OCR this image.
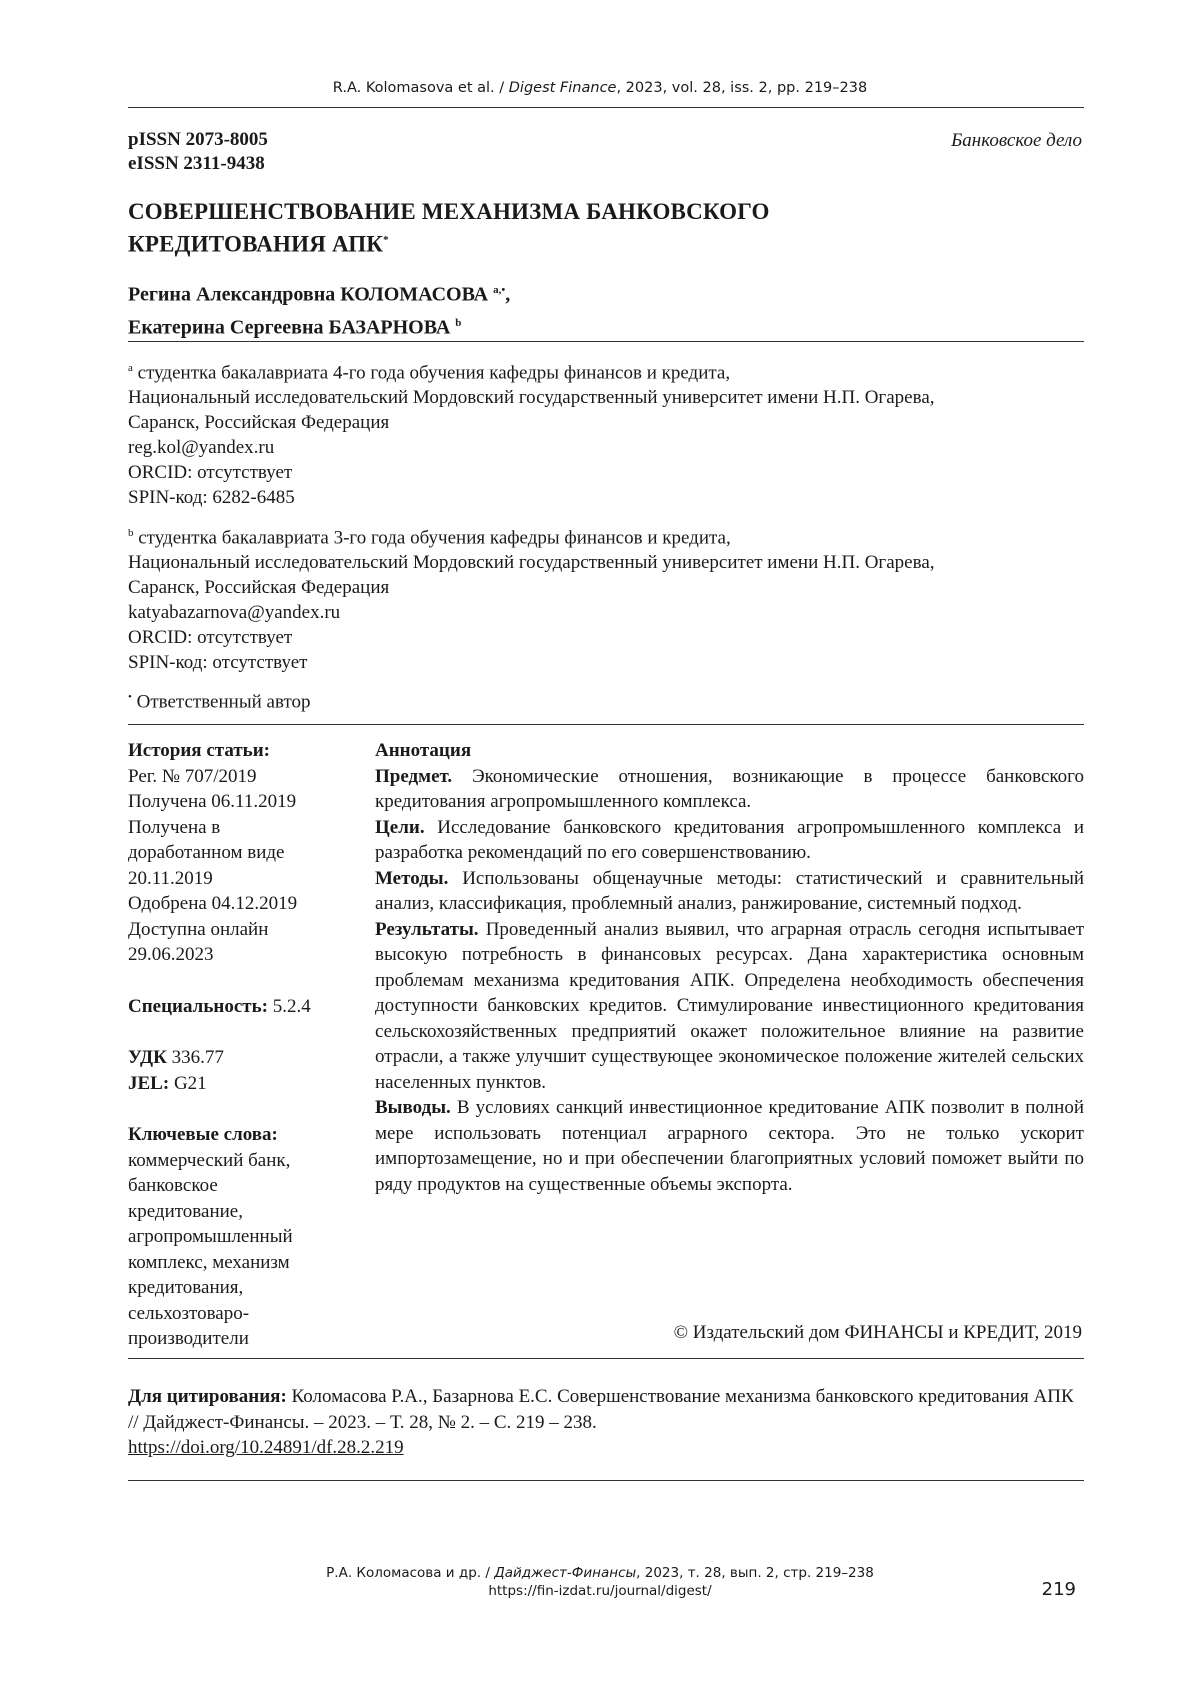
R.A. Kolomasova et al. / Digest Finance, 2023, vol. 28, iss. 2, pp. 219–238
pISSN 2073-8005
eISSN 2311-9438
Банковское дело
СОВЕРШЕНСТВОВАНИЕ МЕХАНИЗМА БАНКОВСКОГО
КРЕДИТОВАНИЯ АПК*
Регина Александровна КОЛОМАСОВА $^{a,•}$,
Екатерина Сергеевна БАЗАРНОВА $^b$
$^a$ студентка бакалавриата 4-го года обучения кафедры финансов и кредита,
Национальный исследовательский Мордовский государственный университет имени Н.П. Огарева,
Саранск, Российская Федерация
reg.kol@yandex.ru
ORCID: отсутствует
SPIN-код: 6282-6485
$^b$ студентка бакалавриата 3-го года обучения кафедры финансов и кредита,
Национальный исследовательский Мордовский государственный университет имени Н.П. Огарева,
Саранск, Российская Федерация
katyabazarnova@yandex.ru
ORCID: отсутствует
SPIN-код: отсутствует
• Ответственный автор
История статьи:
Рег. № 707/2019
Получена 06.11.2019
Получена в
доработанном виде
20.11.2019
Одобрена 04.12.2019
Доступна онлайн
29.06.2023
Специальность: 5.2.4
УДК 336.77
JEL: G21
Ключевые слова:
коммерческий банк,
банковское
кредитование,
агропромышленный
комплекс, механизм
кредитования,
сельхозтоваро-
производители

Аннотация

Предмет. Экономические отношения, возникающие в процессе банковского кредитования агропромышленного комплекса.

Цели. Исследование банковского кредитования агропромышленного комплекса и разработка рекомендаций по его совершенствованию.

Методы. Использованы общенаучные методы: статистический и сравнительный анализ, классификация, проблемный анализ, ранжирование, системный подход.

Результаты. Проведенный анализ выявил, что аграрная отрасль сегодня испытывает высокую потребность в финансовых ресурсах. Дана характеристика основным проблемам механизма кредитования АПК. Определена необходимость обеспечения доступности банковских кредитов. Стимулирование инвестиционного кредитования сельскохозяйственных предприятий окажет положительное влияние на развитие отрасли, а также улучшит существующее экономическое положение жителей сельских населенных пунктов.

Выводы. В условиях санкций инвестиционное кредитование АПК позволит в полной мере использовать потенциал аграрного сектора. Это не только ускорит импортозамещение, но и при обеспечении благоприятных условий поможет выйти по ряду продуктов на существенные объемы экспорта.

© Издательский дом ФИНАНСЫ и КРЕДИТ, 2019
Для цитирования: Коломасова Р.А., Базарнова Е.С. Совершенствование механизма банковского кредитования АПК // Дайджест-Финансы. – 2023. – Т. 28, № 2. – С. 219 – 238.
https://doi.org/10.24891/df.28.2.219
Р.А. Коломасова и др. / Дайджест-Финансы, 2023, т. 28, вып. 2, стр. 219–238
https://fin-izdat.ru/journal/digest/	219
